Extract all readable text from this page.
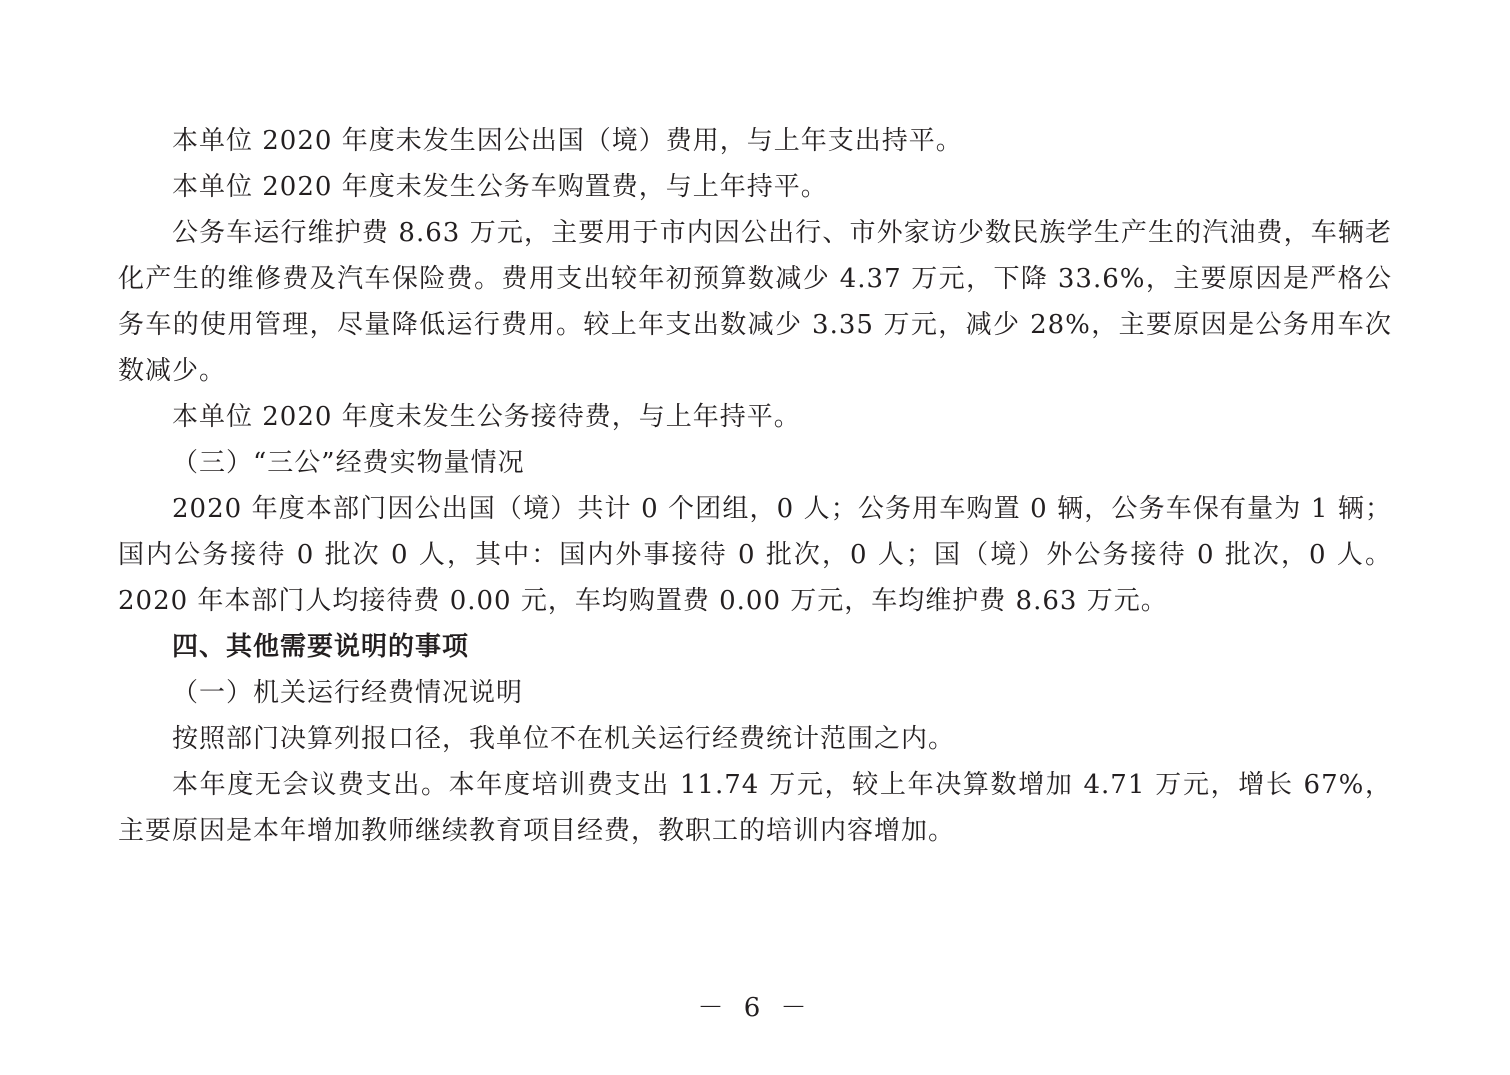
本单位 2020 年度未发生因公出国（境）费用，与上年支出持平。

本单位 2020 年度未发生公务车购置费，与上年持平。

公务车运行维护费 8.63 万元，主要用于市内因公出行、市外家访少数民族学生产生的汽油费，车辆老化产生的维修费及汽车保险费。费用支出较年初预算数减少 4.37 万元，下降 33.6%，主要原因是严格公务车的使用管理，尽量降低运行费用。较上年支出数减少 3.35 万元，减少 28%，主要原因是公务用车次数减少。

本单位 2020 年度未发生公务接待费，与上年持平。

（三）“三公”经费实物量情况

2020 年度本部门因公出国（境）共计 0 个团组，0 人；公务用车购置 0 辆，公务车保有量为 1 辆；国内公务接待 0 批次 0 人，其中：国内外事接待 0 批次，0 人；国（境）外公务接待 0 批次，0 人。2020 年本部门人均接待费 0.00 元，车均购置费 0.00 万元，车均维护费 8.63 万元。

四、其他需要说明的事项

（一）机关运行经费情况说明

按照部门决算列报口径，我单位不在机关运行经费统计范围之内。

本年度无会议费支出。本年度培训费支出 11.74 万元，较上年决算数增加 4.71 万元，增长 67%，主要原因是本年增加教师继续教育项目经费，教职工的培训内容增加。

－ 6 －
